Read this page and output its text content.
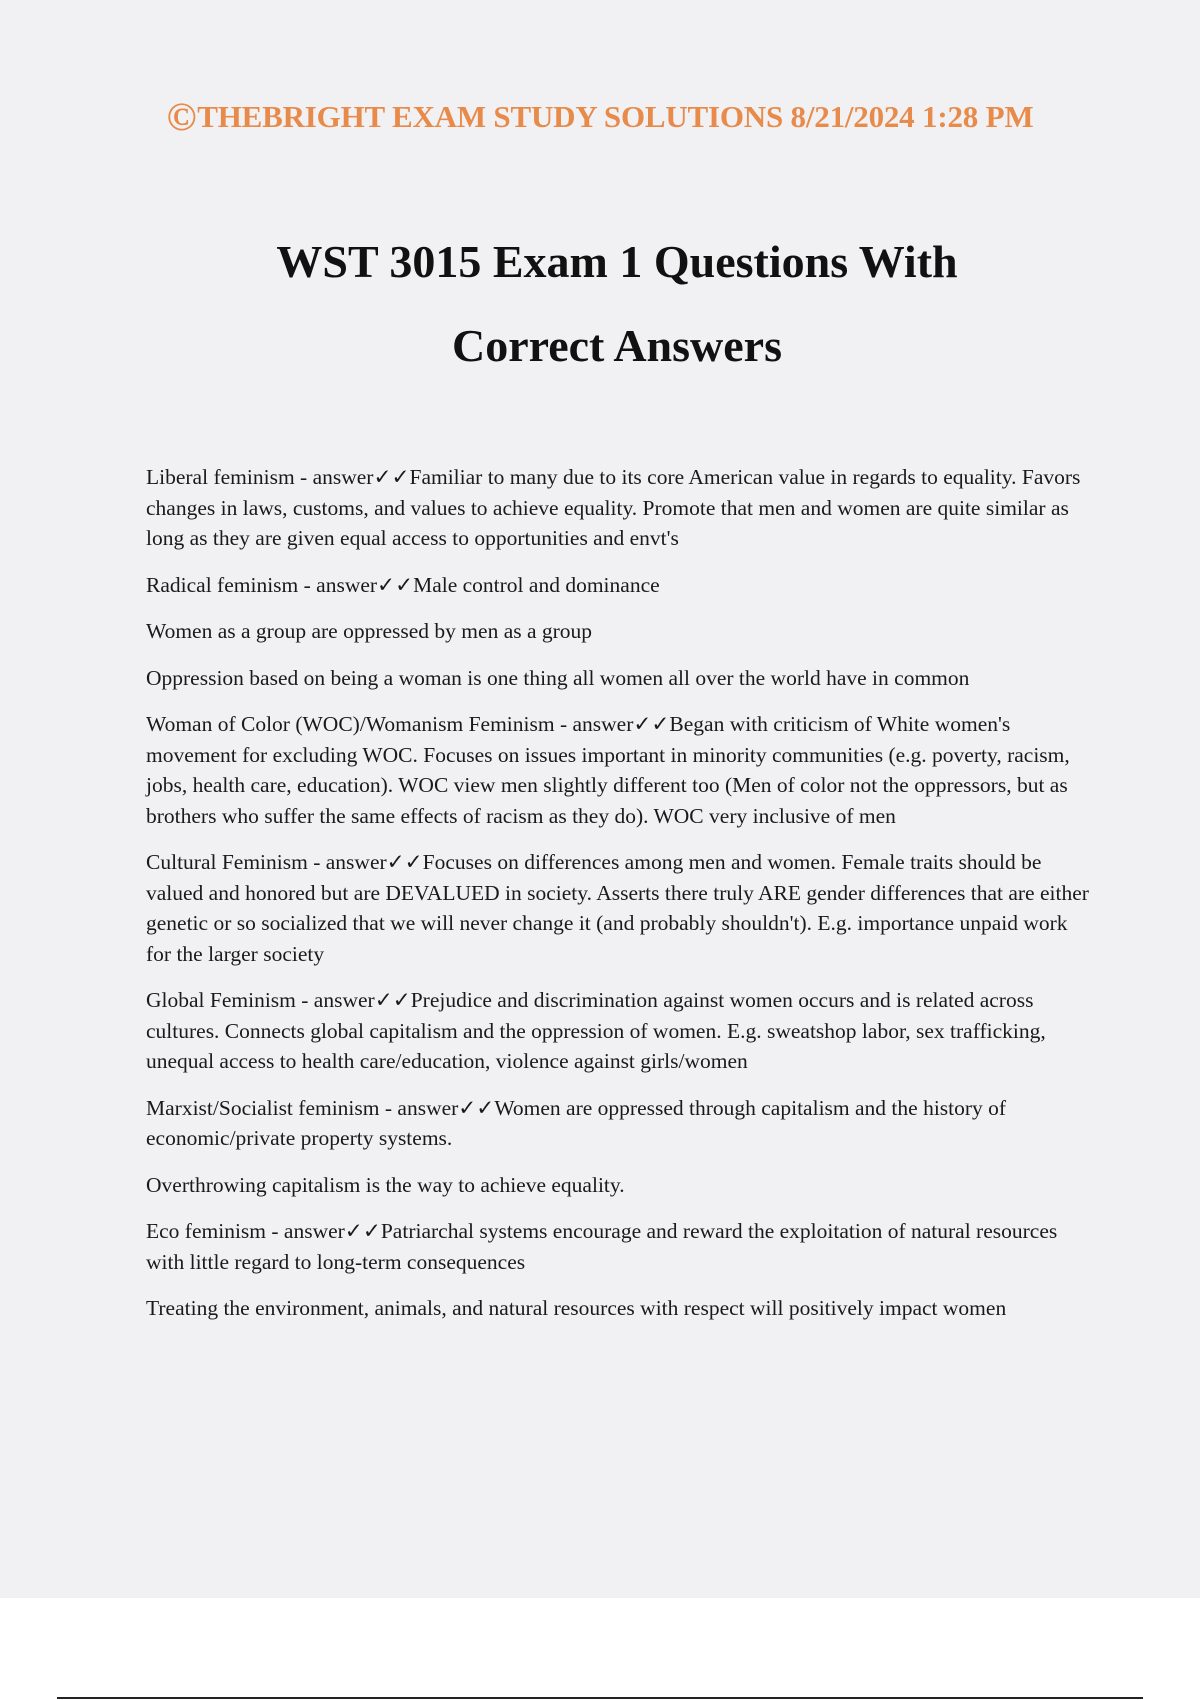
©THEBRIGHT EXAM STUDY SOLUTIONS 8/21/2024 1:28 PM
WST 3015 Exam 1 Questions With
Correct Answers

Liberal feminism - answer✓✓Familiar to many due to its core American value in regards to equality. Favors changes in laws, customs, and values to achieve equality. Promote that men and women are quite similar as long as they are given equal access to opportunities and envt's

Radical feminism - answer✓✓Male control and dominance

Women as a group are oppressed by men as a group

Oppression based on being a woman is one thing all women all over the world have in common

Woman of Color (WOC)/Womanism Feminism - answer✓✓Began with criticism of White women's movement for excluding WOC. Focuses on issues important in minority communities (e.g. poverty, racism, jobs, health care, education). WOC view men slightly different too (Men of color not the oppressors, but as brothers who suffer the same effects of racism as they do). WOC very inclusive of men

Cultural Feminism - answer✓✓Focuses on differences among men and women. Female traits should be valued and honored but are DEVALUED in society. Asserts there truly ARE gender differences that are either genetic or so socialized that we will never change it (and probably shouldn't). E.g. importance unpaid work for the larger society

Global Feminism - answer✓✓Prejudice and discrimination against women occurs and is related across cultures. Connects global capitalism and the oppression of women. E.g. sweatshop labor, sex trafficking, unequal access to health care/education, violence against girls/women

Marxist/Socialist feminism - answer✓✓Women are oppressed through capitalism and the history of economic/private property systems.

Overthrowing capitalism is the way to achieve equality.

Eco feminism - answer✓✓Patriarchal systems encourage and reward the exploitation of natural resources with little regard to long-term consequences

Treating the environment, animals, and natural resources with respect will positively impact women
